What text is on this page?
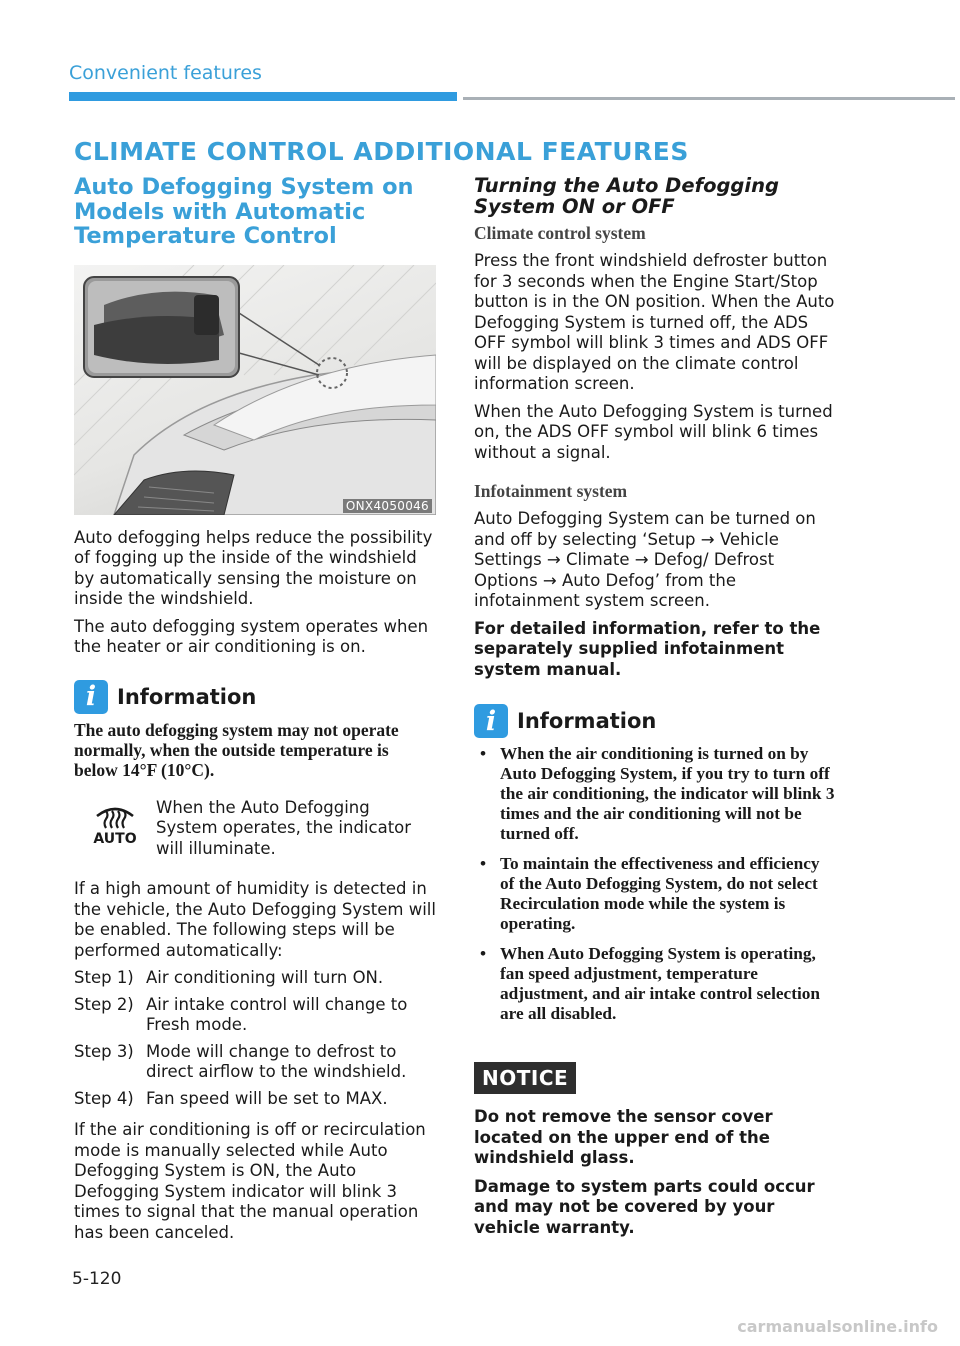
Convenient features
CLIMATE CONTROL ADDITIONAL FEATURES
Auto Defogging System on Models with Automatic Temperature Control
ONX4050046

Auto defogging helps reduce the possibility of fogging up the inside of the windshield by automatically sensing the moisture on inside the windshield.

The auto defogging system operates when the heater or air conditioning is on.

i Information

The auto defogging system may not operate normally, when the outside temperature is below 14°F (10°C).

AUTO

When the Auto Defogging System operates, the indicator will illuminate.

If a high amount of humidity is detected in the vehicle, the Auto Defogging System will be enabled. The following steps will be performed automatically:

Step 1) Air conditioning will turn ON.
Step 2) Air intake control will change to Fresh mode.
Step 3) Mode will change to defrost to direct airflow to the windshield.
Step 4) Fan speed will be set to MAX.

If the air conditioning is off or recirculation mode is manually selected while Auto Defogging System is ON, the Auto Defogging System indicator will blink 3 times to signal that the manual operation has been canceled.

Turning the Auto Defogging System ON or OFF
Climate control system

Press the front windshield defroster button for 3 seconds when the Engine Start/Stop button is in the ON position. When the Auto Defogging System is turned off, the ADS OFF symbol will blink 3 times and ADS OFF will be displayed on the climate control information screen.

When the Auto Defogging System is turned on, the ADS OFF symbol will blink 6 times without a signal.

Infotainment system

Auto Defogging System can be turned on and off by selecting ‘Setup → Vehicle Settings → Climate → Defog/ Defrost Options → Auto Defog’ from the infotainment system screen.

For detailed information, refer to the separately supplied infotainment system manual.

i Information
• When the air conditioning is turned on by Auto Defogging System, if you try to turn off the air conditioning, the indicator will blink 3 times and the air conditioning will not be turned off.
• To maintain the effectiveness and efficiency of the Auto Defogging System, do not select Recirculation mode while the system is operating.
• When Auto Defogging System is operating, fan speed adjustment, temperature adjustment, and air intake control selection are all disabled.
NOTICE

Do not remove the sensor cover located on the upper end of the windshield glass.

Damage to system parts could occur and may not be covered by your vehicle warranty.

5-120
carmanualsonline.info
